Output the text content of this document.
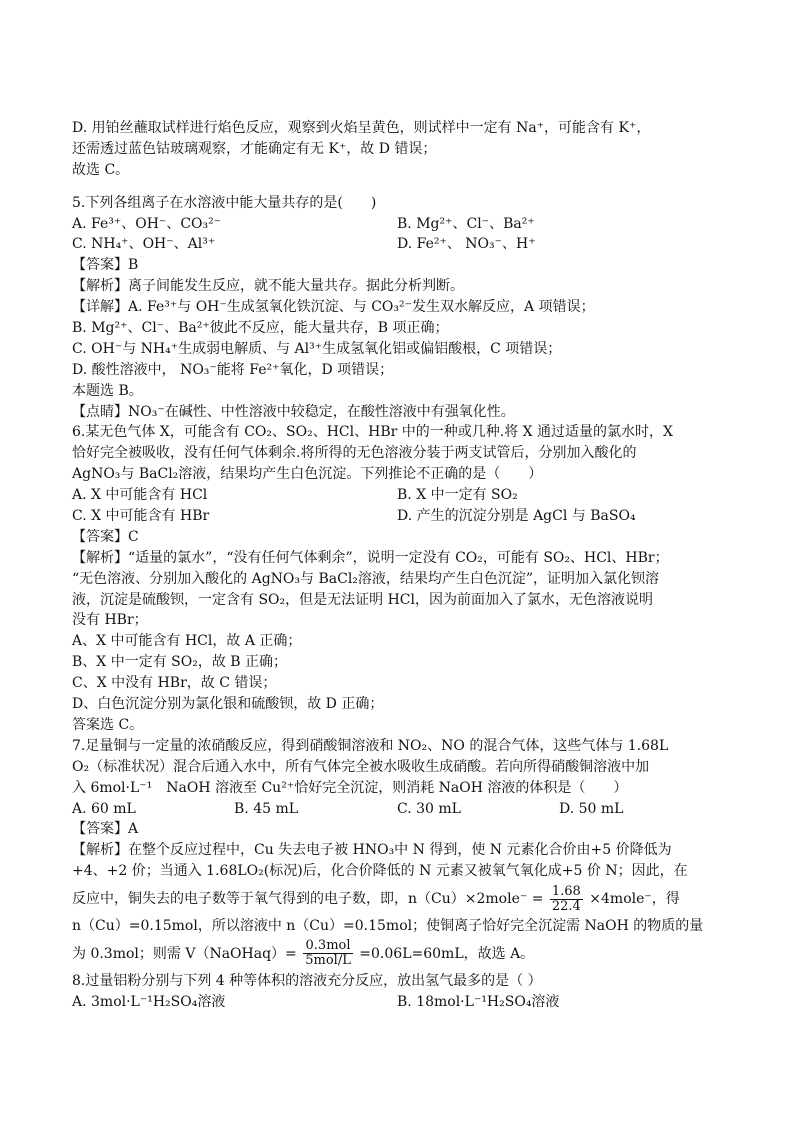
D. 用铂丝蘸取试样进行焰色反应，观察到火焰呈黄色，则试样中一定有 Na⁺，可能含有 K⁺，
还需透过蓝色钴玻璃观察，才能确定有无 K⁺，故 D 错误；
故选 C。
5.下列各组离子在水溶液中能大量共存的是(　　)
A. Fe³⁺、OH⁻、CO₃²⁻	B. Mg²⁺、Cl⁻、Ba²⁺
C. NH₄⁺、OH⁻、Al³⁺	D. Fe²⁺、 NO₃⁻、H⁺
【答案】B
【解析】离子间能发生反应，就不能大量共存。据此分析判断。
【详解】A. Fe³⁺与 OH⁻生成氢氧化铁沉淀、与 CO₃²⁻发生双水解反应，A 项错误；
B. Mg²⁺、Cl⁻、Ba²⁺彼此不反应，能大量共存，B 项正确；
C. OH⁻与 NH₄⁺生成弱电解质、与 Al³⁺生成氢氧化铝或偏铝酸根，C 项错误；
D. 酸性溶液中， NO₃⁻能将 Fe²⁺氧化，D 项错误；
本题选 B。
【点睛】NO₃⁻在碱性、中性溶液中较稳定，在酸性溶液中有强氧化性。
6.某无色气体 X，可能含有 CO₂、SO₂、HCl、HBr 中的一种或几种.将 X 通过适量的氯水时，X
恰好完全被吸收，没有任何气体剩余.将所得的无色溶液分装于两支试管后，分别加入酸化的
AgNO₃与 BaCl₂溶液，结果均产生白色沉淀。下列推论不正确的是（　　）
A. X 中可能含有 HCl	B. X 中一定有 SO₂
C. X 中可能含有 HBr	D. 产生的沉淀分别是 AgCl 与 BaSO₄
【答案】C
【解析】“适量的氯水”，“没有任何气体剩余”，说明一定没有 CO₂，可能有 SO₂、HCl、HBr；
“无色溶液、分别加入酸化的 AgNO₃与 BaCl₂溶液，结果均产生白色沉淀”，证明加入氯化钡溶
液，沉淀是硫酸钡，一定含有 SO₂，但是无法证明 HCl，因为前面加入了氯水，无色溶液说明
没有 HBr；
A、X 中可能含有 HCl，故 A 正确；
B、X 中一定有 SO₂，故 B 正确；
C、X 中没有 HBr，故 C 错误；
D、白色沉淀分别为氯化银和硫酸钡，故 D 正确；
答案选 C。
7.足量铜与一定量的浓硝酸反应，得到硝酸铜溶液和 NO₂、NO 的混合气体，这些气体与 1.68L
O₂（标准状况）混合后通入水中，所有气体完全被水吸收生成硝酸。若向所得硝酸铜溶液中加
入 6mol·L⁻¹　NaOH 溶液至 Cu²⁺恰好完全沉淀，则消耗 NaOH 溶液的体积是（　　）
A. 60 mL	B. 45 mL	C. 30 mL	D. 50 mL
【答案】A
【解析】在整个反应过程中，Cu 失去电子被 HNO₃中 N 得到，使 N 元素化合价由+5 价降低为
+4、+2 价；当通入 1.68LO₂(标况)后，化合价降低的 N 元素又被氧气氧化成+5 价 N；因此，在
反应中，铜失去的电子数等于氧气得到的电子数，即，n（Cu）×2mole⁻ = $\frac{1.68}{22.4}$ ×4mole⁻，得
n（Cu）=0.15mol，所以溶液中 n（Cu）=0.15mol；使铜离子恰好完全沉淀需 NaOH 的物质的量
为 0.3mol；则需 V（NaOHaq）= $\frac{\text{0.3mol}}{\text{5mol/L}} =0.06L=60mL$，故选 A。
8.过量铝粉分别与下列 4 种等体积的溶液充分反应，放出氢气最多的是（ ）
A. 3mol·L⁻¹H₂SO₄溶液	B. 18mol·L⁻¹H₂SO₄溶液
